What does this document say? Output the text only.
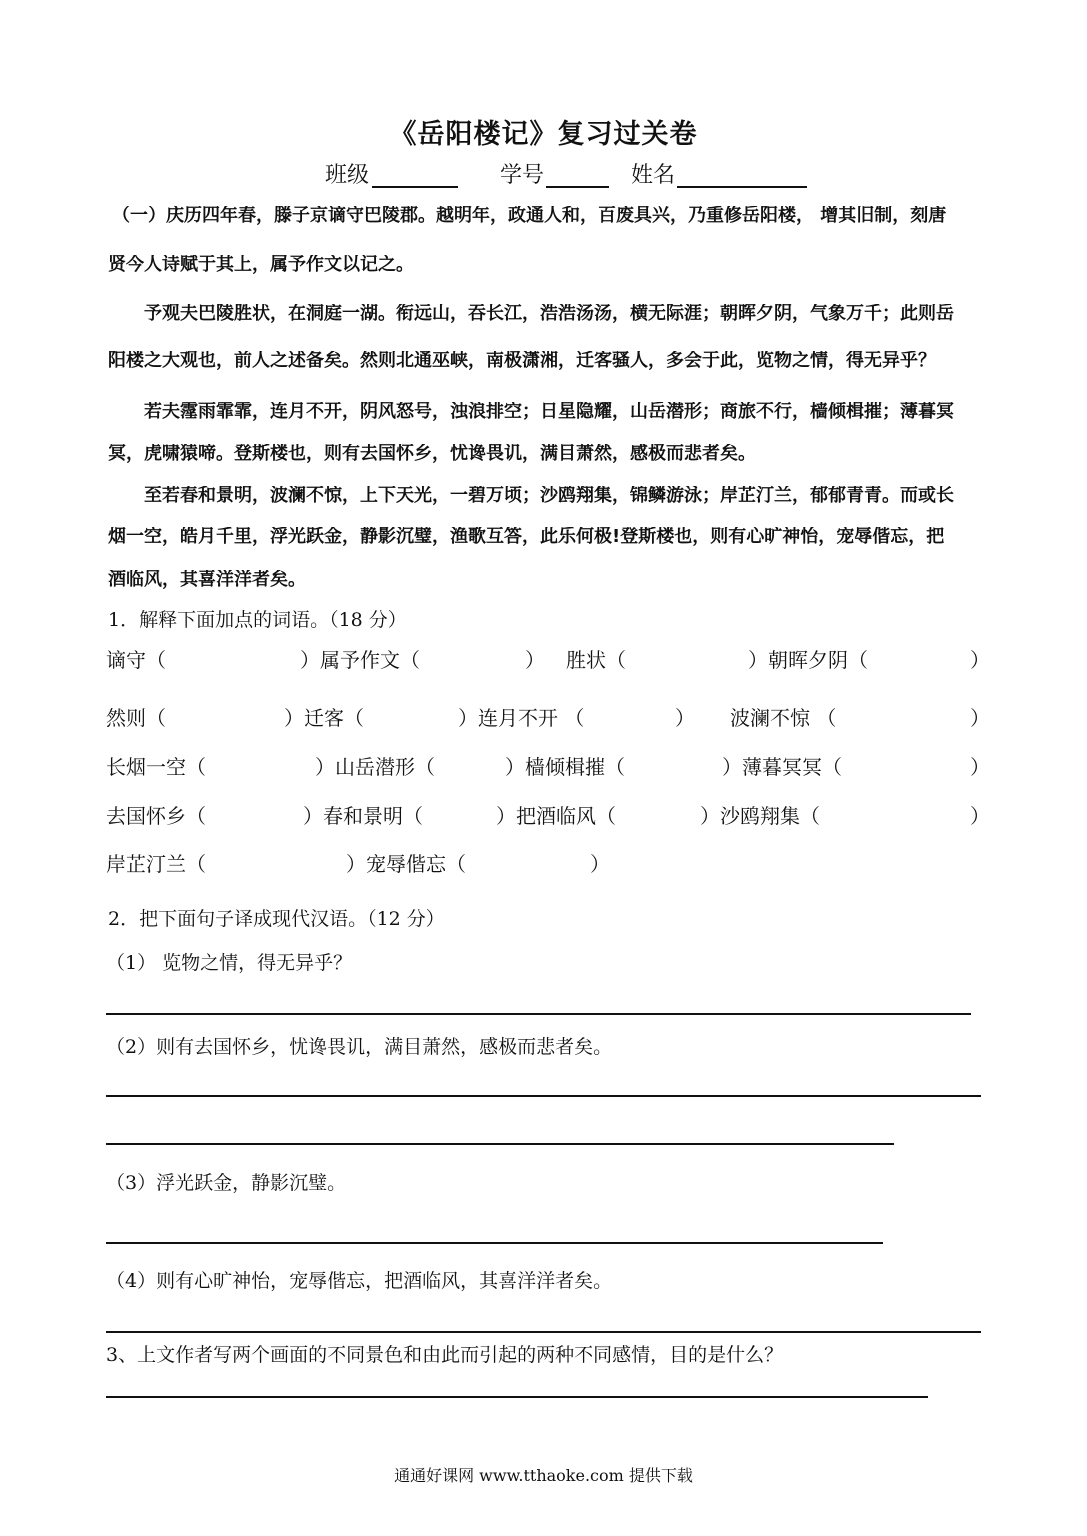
《岳阳楼记》复习过关卷
班级	学号	姓名
（一）庆历四年春，滕子京谪守巴陵郡。越明年，政通人和，百废具兴，乃重修岳阳楼， 增其旧制，刻唐
贤今人诗赋于其上，属予作文以记之。
予观夫巴陵胜状，在洞庭一湖。衔远山，吞长江，浩浩汤汤，横无际涯；朝晖夕阴，气象万千；此则岳
阳楼之大观也，前人之述备矣。然则北通巫峡，南极潇湘，迁客骚人，多会于此，览物之情，得无异乎？
若夫霪雨霏霏，连月不开，阴风怒号，浊浪排空；日星隐耀，山岳潜形；商旅不行，樯倾楫摧；薄暮冥
冥，虎啸猿啼。登斯楼也，则有去国怀乡，忧谗畏讥，满目萧然，感极而悲者矣。
至若春和景明，波澜不惊，上下天光，一碧万顷；沙鸥翔集，锦鳞游泳；岸芷汀兰，郁郁青青。而或长
烟一空，皓月千里，浮光跃金，静影沉璧，渔歌互答，此乐何极!登斯楼也，则有心旷神怡，宠辱偕忘，把
酒临风，其喜洋洋者矣。
1．解释下面加点的词语。（18 分）
谪守（	）属予作文（	） 胜状（	）朝晖夕阴（	）
然则（	）迁客（	）连月不开 （	） 波澜不惊 （	）
长烟一空（	）山岳潜形（	）樯倾楫摧（	）薄暮冥冥（	）
去国怀乡（	）春和景明（	）把酒临风（	）沙鸥翔集（	）
岸芷汀兰（	）宠辱偕忘（	）
2．把下面句子译成现代汉语。（12 分）
（1） 览物之情，得无异乎？
（2）则有去国怀乡，忧谗畏讥，满目萧然，感极而悲者矣。
（3）浮光跃金，静影沉璧。
（4）则有心旷神怡，宠辱偕忘，把酒临风，其喜洋洋者矣。
3、上文作者写两个画面的不同景色和由此而引起的两种不同感情，目的是什么？
通通好课网 www.tthaoke.com 提供下载
